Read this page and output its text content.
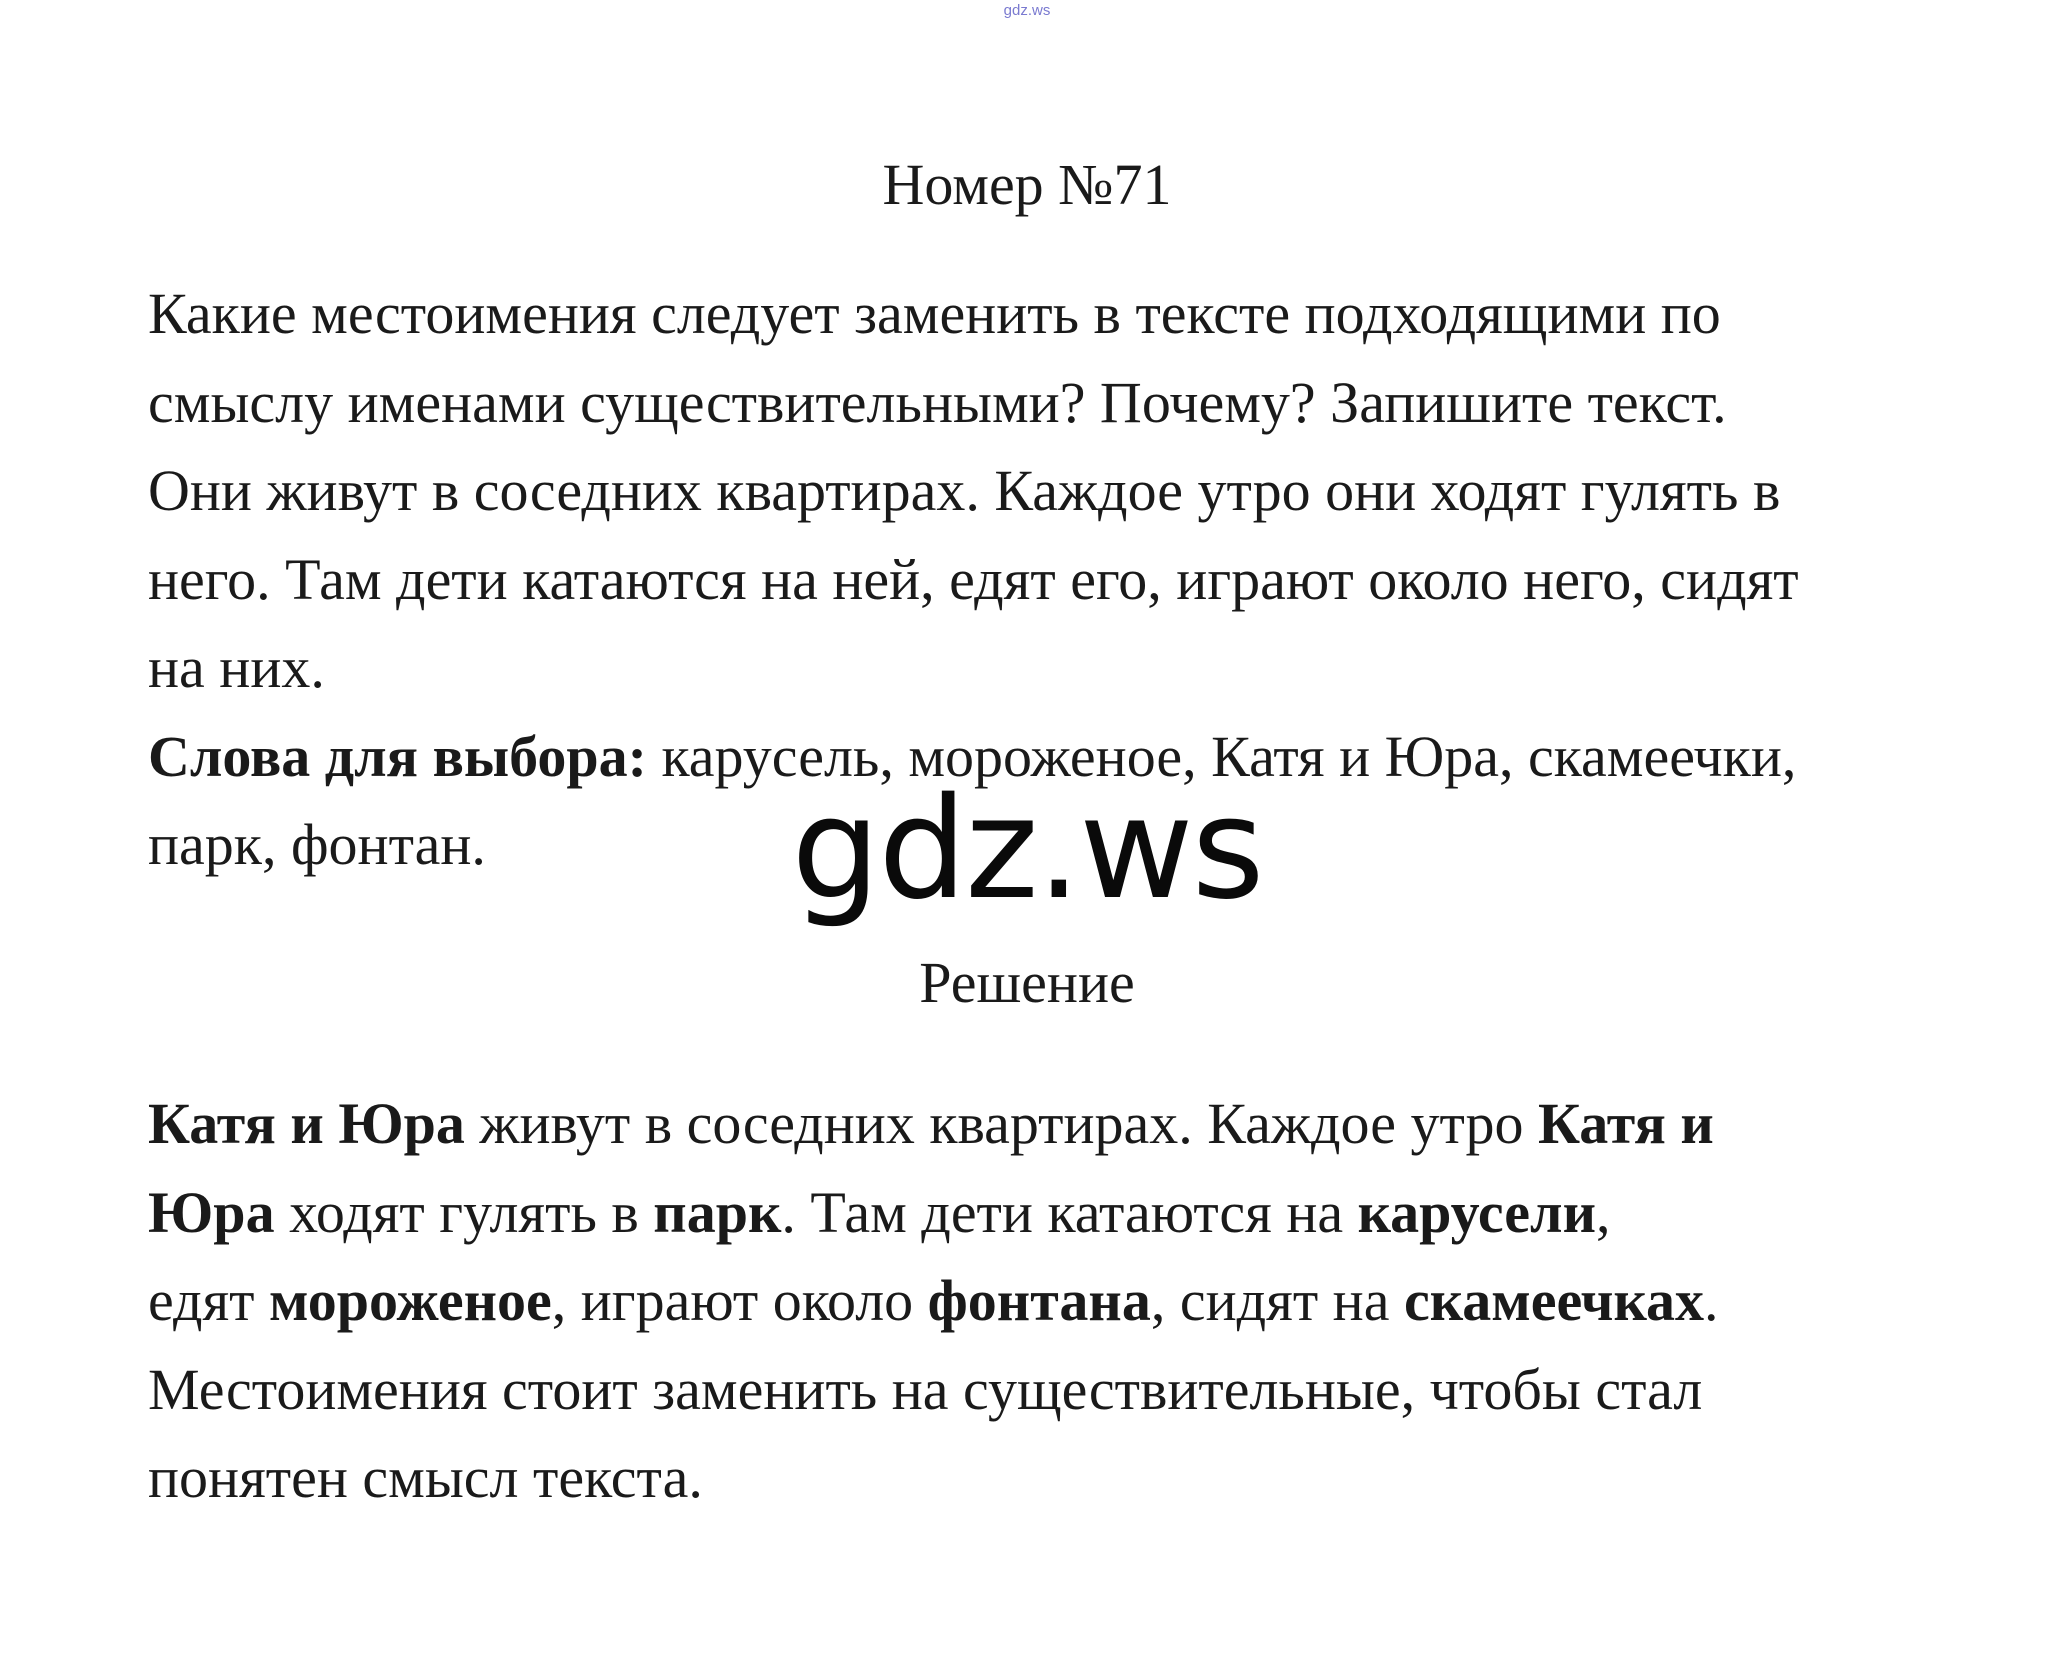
gdz.ws
Номер №71
Какие местоимения следует заменить в тексте подходящими по
смыслу именами существительными? Почему? Запишите текст.
Они живут в соседних квартирах. Каждое утро они ходят гулять в
него. Там дети катаются на ней, едят его, играют около него, сидят
на них.
Слова для выбора: карусель, мороженое, Катя и Юра, скамеечки,
парк, фонтан.	gdz.ws
Решение
Катя и Юра живут в соседних квартирах. Каждое утро Катя и
Юра ходят гулять в парк. Там дети катаются на карусели,
едят мороженое, играют около фонтана, сидят на скамеечках.
Местоимения стоит заменить на существительные, чтобы стал
понятен смысл текста.
